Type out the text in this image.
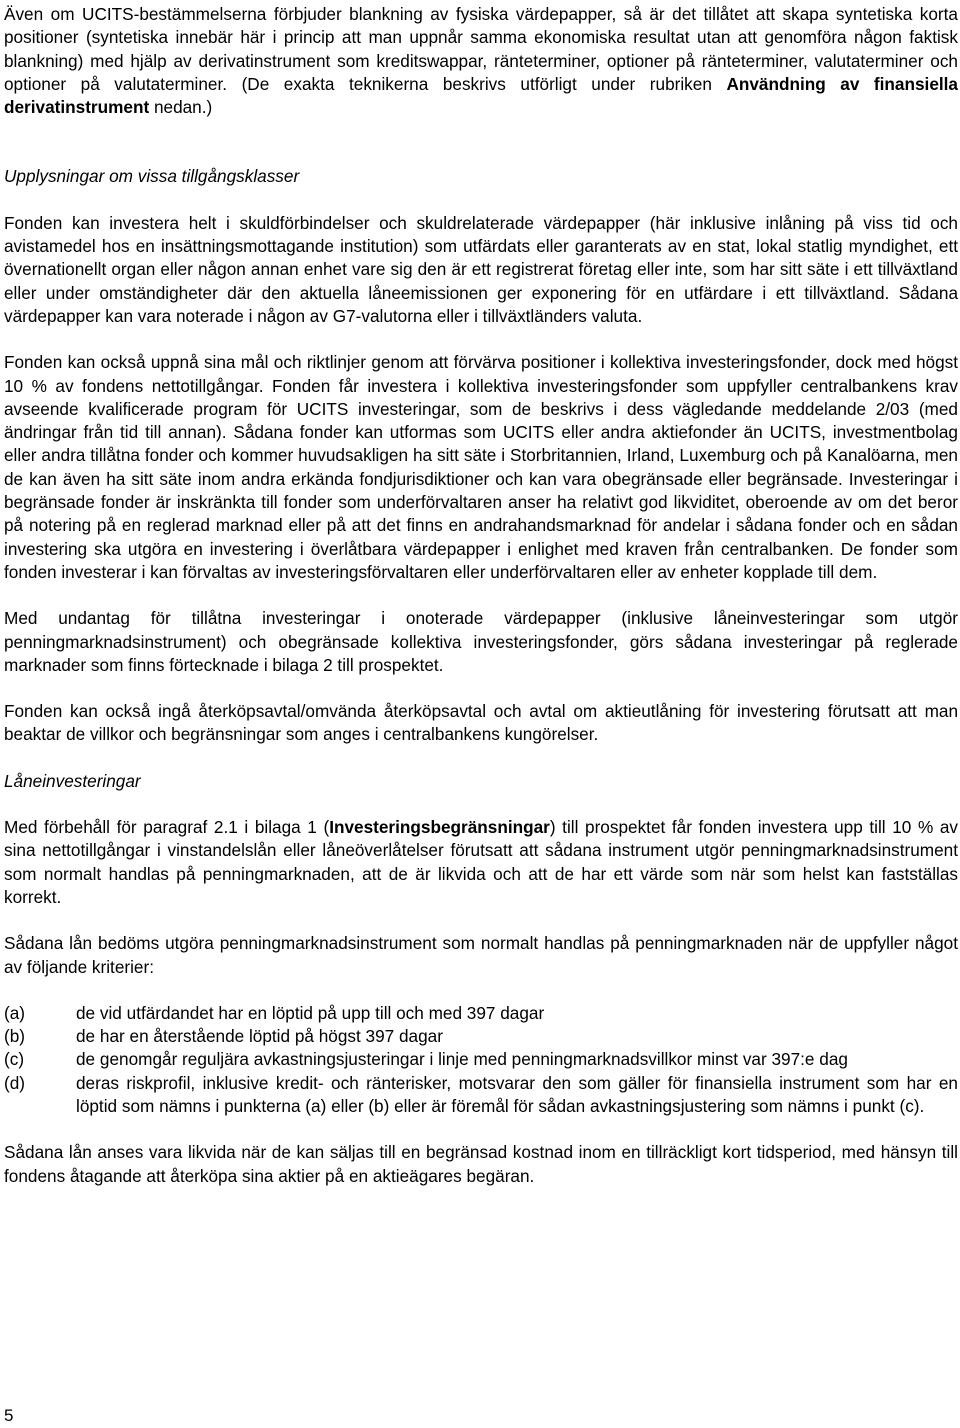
Även om UCITS-bestämmelserna förbjuder blankning av fysiska värdepapper, så är det tillåtet att skapa syntetiska korta positioner (syntetiska innebär här i princip att man uppnår samma ekonomiska resultat utan att genomföra någon faktisk blankning) med hjälp av derivatinstrument som kreditswappar, ränteterminer, optioner på ränteterminer, valutaterminer och optioner på valutaterminer. (De exakta teknikerna beskrivs utförligt under rubriken Användning av finansiella derivatinstrument nedan.)

Upplysningar om vissa tillgångsklasser

Fonden kan investera helt i skuldförbindelser och skuldrelaterade värdepapper (här inklusive inlåning på viss tid och avistamedel hos en insättningsmottagande institution) som utfärdats eller garanterats av en stat, lokal statlig myndighet, ett övernationellt organ eller någon annan enhet vare sig den är ett registrerat företag eller inte, som har sitt säte i ett tillväxtland eller under omständigheter där den aktuella låneemissionen ger exponering för en utfärdare i ett tillväxtland. Sådana värdepapper kan vara noterade i någon av G7-valutorna eller i tillväxtländers valuta.

Fonden kan också uppnå sina mål och riktlinjer genom att förvärva positioner i kollektiva investeringsfonder, dock med högst 10 % av fondens nettotillgångar. Fonden får investera i kollektiva investeringsfonder som uppfyller centralbankens krav avseende kvalificerade program för UCITS investeringar, som de beskrivs i dess vägledande meddelande 2/03 (med ändringar från tid till annan). Sådana fonder kan utformas som UCITS eller andra aktiefonder än UCITS, investmentbolag eller andra tillåtna fonder och kommer huvudsakligen ha sitt säte i Storbritannien, Irland, Luxemburg och på Kanalöarna, men de kan även ha sitt säte inom andra erkända fondjurisdiktioner och kan vara obegränsade eller begränsade. Investeringar i begränsade fonder är inskränkta till fonder som underförvaltaren anser ha relativt god likviditet, oberoende av om det beror på notering på en reglerad marknad eller på att det finns en andrahandsmarknad för andelar i sådana fonder och en sådan investering ska utgöra en investering i överlåtbara värdepapper i enlighet med kraven från centralbanken. De fonder som fonden investerar i kan förvaltas av investeringsförvaltaren eller underförvaltaren eller av enheter kopplade till dem.

Med undantag för tillåtna investeringar i onoterade värdepapper (inklusive låneinvesteringar som utgör penningmarknadsinstrument) och obegränsade kollektiva investeringsfonder, görs sådana investeringar på reglerade marknader som finns förtecknade i bilaga 2 till prospektet.

Fonden kan också ingå återköpsavtal/omvända återköpsavtal och avtal om aktieutlåning för investering förutsatt att man beaktar de villkor och begränsningar som anges i centralbankens kungörelser.

Låneinvesteringar

Med förbehåll för paragraf 2.1 i bilaga 1 (Investeringsbegränsningar) till prospektet får fonden investera upp till 10 % av sina nettotillgångar i vinstandelslån eller låneöverlåtelser förutsatt att sådana instrument utgör penningmarknadsinstrument som normalt handlas på penningmarknaden, att de är likvida och att de har ett värde som när som helst kan fastställas korrekt.

Sådana lån bedöms utgöra penningmarknadsinstrument som normalt handlas på penningmarknaden när de uppfyller något av följande kriterier:

(a)	de vid utfärdandet har en löptid på upp till och med 397 dagar
(b)	de har en återstående löptid på högst 397 dagar
(c)	de genomgår reguljära avkastningsjusteringar i linje med penningmarknadsvillkor minst var 397:e dag
(d)	deras riskprofil, inklusive kredit- och ränterisker, motsvarar den som gäller för finansiella instrument som har en löptid som nämns i punkterna (a) eller (b) eller är föremål för sådan avkastningsjustering som nämns i punkt (c).

Sådana lån anses vara likvida när de kan säljas till en begränsad kostnad inom en tillräckligt kort tidsperiod, med hänsyn till fondens åtagande att återköpa sina aktier på en aktieägares begäran.

5
